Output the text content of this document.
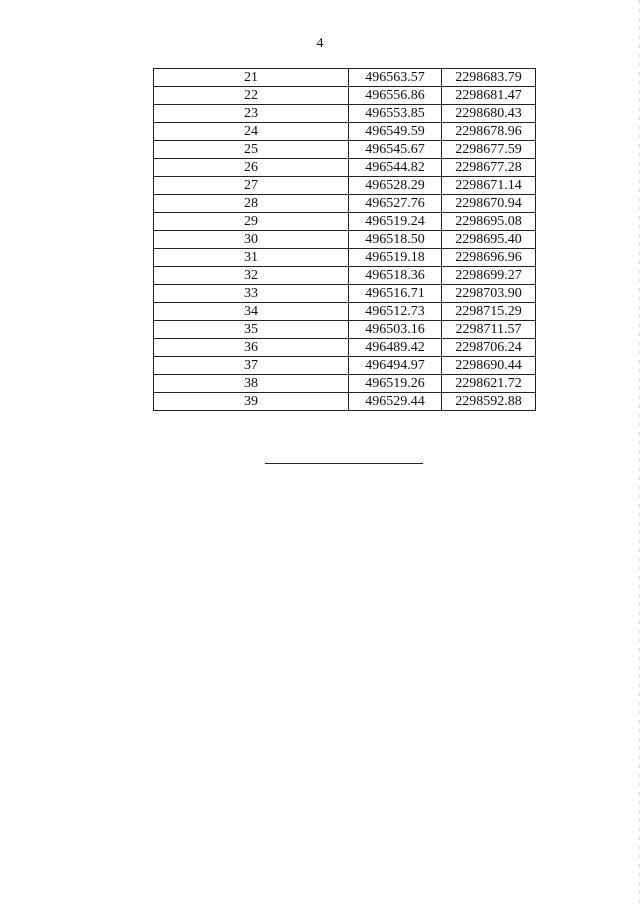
4
21	496563.57	2298683.79
22	496556.86	2298681.47
23	496553.85	2298680.43
24	496549.59	2298678.96
25	496545.67	2298677.59
26	496544.82	2298677.28
27	496528.29	2298671.14
28	496527.76	2298670.94
29	496519.24	2298695.08
30	496518.50	2298695.40
31	496519.18	2298696.96
32	496518.36	2298699.27
33	496516.71	2298703.90
34	496512.73	2298715.29
35	496503.16	2298711.57
36	496489.42	2298706.24
37	496494.97	2298690.44
38	496519.26	2298621.72
39	496529.44	2298592.88
